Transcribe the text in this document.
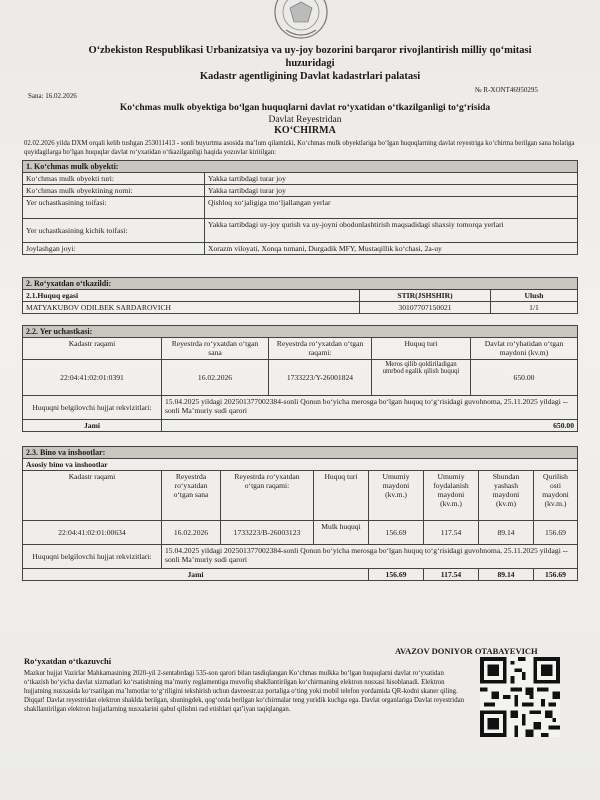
O‘zbekiston Respublikasi Urbanizatsiya va uy-joy bozorini barqaror rivojlantirish milliy qo‘mitasi
huzuridagi
Kadastr agentligining Davlat kadastrlari palatasi
Sana: 16.02.2026
№ R-XONT46950295
Ko‘chmas mulk obyektiga bo‘lgan huquqlarni davlat ro‘yxatidan o‘tkazilganligi to‘g‘risida
Davlat Reyestridan
KO‘CHIRMA
02.02.2026 yilda DXM orqali kelib tushgan 253011413 - sonli buyurtma asosida ma’lum qilamizki, Ko‘chmas mulk obyektlariga bo‘lgan huquqlarning davlat reyestriga ko‘chirma berilgan sana holatiga quyidagilarga bo‘lgan huquqlar davlat ro‘yxatidan o‘tkazilganligi haqida yozuvlar kiritilgan:
1. Ko‘chmas mulk obyekti:	
Ko‘chmas mulk obyekti turi:	Yakka tartibdagi turar joy
Ko‘chmas mulk obyektining nomi:	Yakka tartibdagi turar joy
Yer uchastkasining toifasi:	Qishloq xo‘jaligiga mo‘ljallangan yerlar
Yer uchastkasining kichik toifasi:	Yakka tartibdagi uy-joy qurish va uy-joyni obodonlashtirish maqsadidagi shaxsiy tomorqa yerlari
Joylashgan joyi:	Xorazm viloyati, Xonqa tumani, Durgadik MFY, Mustaqillik ko‘chasi, 2a-uy
2. Ro‘yxatdan o‘tkazildi:		
2.1.Huquq egasi	STIR(JSHSHIR)	Ulush
MATYAKUBOV ODILBEK SARDAROVICH	30107707150021	1/1
2.2. Yer uchastkasi:				
Kadastr raqami	Reyestrda ro‘yxatdan o‘tgan sana	Reyestrda ro‘yxatdan o‘tgan raqami:	Huquq turi	Davlat ro‘yhatidan o‘tgan maydoni (kv.m)
22:04:41:02:01:0391	16.02.2026	1733223/Y-26001824	Meros qilib qoldiriladigan umrbod egalik qilish huquqi	650.00
Huquqni belgilovchi hujjat rekvizitlari:	15.04.2025 yildagi 202501377002384-sonli Qonun bo‘yicha merosga bo‘lgan huquq to‘g‘risidagi guvohnoma, 25.11.2025 yildagi --sonli Ma’muriy sudi qarori			
Jami	650.00			
2.3. Bino va inshootlar:							
Asosiy bino va inshootlar							
Kadastr raqami	Reyestrda ro‘yxatdan o‘tgan sana	Reyestrda ro‘yxatdan o‘tgan raqami:	Huquq turi	Umumiy maydoni (kv.m.)	Umumiy foydalanish maydoni (kv.m.)	Shundan yashash maydoni (kv.m)	Qurilish osti maydoni (kv.m.)
22:04:41:02:01:00634	16.02.2026	1733223/B-26003123	Mulk huquqi	156.69	117.54	89.14	156.69
Huquqni belgilovchi hujjat rekvizitlari:	15.04.2025 yildagi 202501377002384-sonli Qonun bo‘yicha merosga bo‘lgan huquq to‘g‘risidagi guvohnoma, 25.11.2025 yildagi --sonli Ma’muriy sudi qarori						
Jami				156.69	117.54	89.14	156.69
AVAZOV DONIYOR OTABAYEVICH
Ro‘yxatdan o‘tkazuvchi
Mazkur hujjat Vazirlar Mahkamasining 2020-yil 2-sentabrdagi 535-son qarori bilan tasdiqlangan Ko‘chmas mulkka bo‘lgan huquqlarni davlat ro‘yxatidan o‘tkazish bo‘yicha davlat xizmatlari ko‘rsatishning ma’muriy reglamentiga muvofiq shakllantirilgan ko‘chirmaning elektron nusxasi hisoblanadi. Elektron hujjatning nusxasida ko‘rsatilgan ma’lumotlar to‘g‘riligini tekshirish uchun davreestr.uz portaliga o‘ting yoki mobil telefon yordamida QR-kodni skaner qiling. Diqqat! Davlat reyestridan elektron shaklda berilgan, shuningdek, qog‘ozda berilgan ko‘chirmalar teng yuridik kuchga ega. Davlat organlariga Davlat reyestridan shakllantirilgan elektron hujjatlarning nusxalarini qabul qilishni rad etishlari qat’iyan taqiqlangan.
